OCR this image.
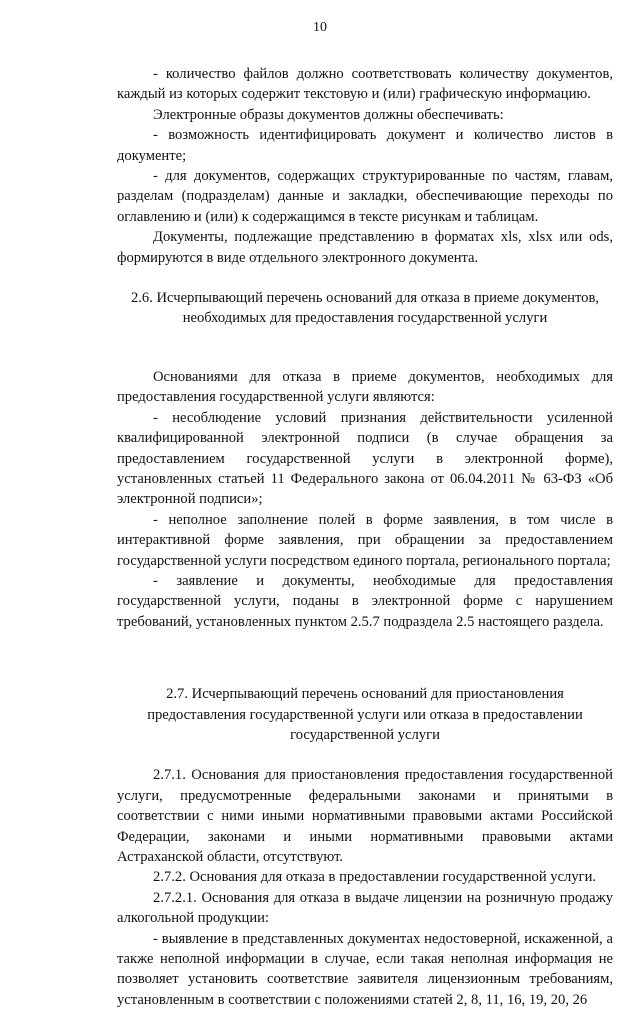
10

- количество файлов должно соответствовать количеству документов, каждый из которых содержит текстовую и (или) графическую информацию.

Электронные образы документов должны обеспечивать:

- возможность идентифицировать документ и количество листов в документе;

- для документов, содержащих структурированные по частям, главам, разделам (подразделам) данные и закладки, обеспечивающие переходы по оглавлению и (или) к содержащимся в тексте рисункам и таблицам.

Документы, подлежащие представлению в форматах xls, xlsx или ods, формируются в виде отдельного электронного документа.

2.6. Исчерпывающий перечень оснований для отказа в приеме документов, необходимых для предоставления государственной услуги

Основаниями для отказа в приеме документов, необходимых для предоставления государственной услуги являются:

- несоблюдение условий признания действительности усиленной квалифицированной электронной подписи (в случае обращения за предоставлением государственной услуги в электронной форме), установленных статьей 11 Федерального закона от 06.04.2011 № 63-ФЗ «Об электронной подписи»;

- неполное заполнение полей в форме заявления, в том числе в интерактивной форме заявления, при обращении за предоставлением государственной услуги посредством единого портала, регионального портала;

- заявление и документы, необходимые для предоставления государственной услуги, поданы в электронной форме с нарушением требований, установленных пунктом 2.5.7 подраздела 2.5 настоящего раздела.

2.7. Исчерпывающий перечень оснований для приостановления предоставления государственной услуги или отказа в предоставлении государственной услуги

2.7.1. Основания для приостановления предоставления государственной услуги, предусмотренные федеральными законами и принятыми в соответствии с ними иными нормативными правовыми актами Российской Федерации, законами и иными нормативными правовыми актами Астраханской области, отсутствуют.

2.7.2. Основания для отказа в предоставлении государственной услуги.

2.7.2.1. Основания для отказа в выдаче лицензии на розничную продажу алкогольной продукции:

- выявление в представленных документах недостоверной, искаженной, а также неполной информации в случае, если такая неполная информация не позволяет установить соответствие заявителя лицензионным требованиям, установленным в соответствии с положениями статей 2, 8, 11, 16, 19, 20, 26
